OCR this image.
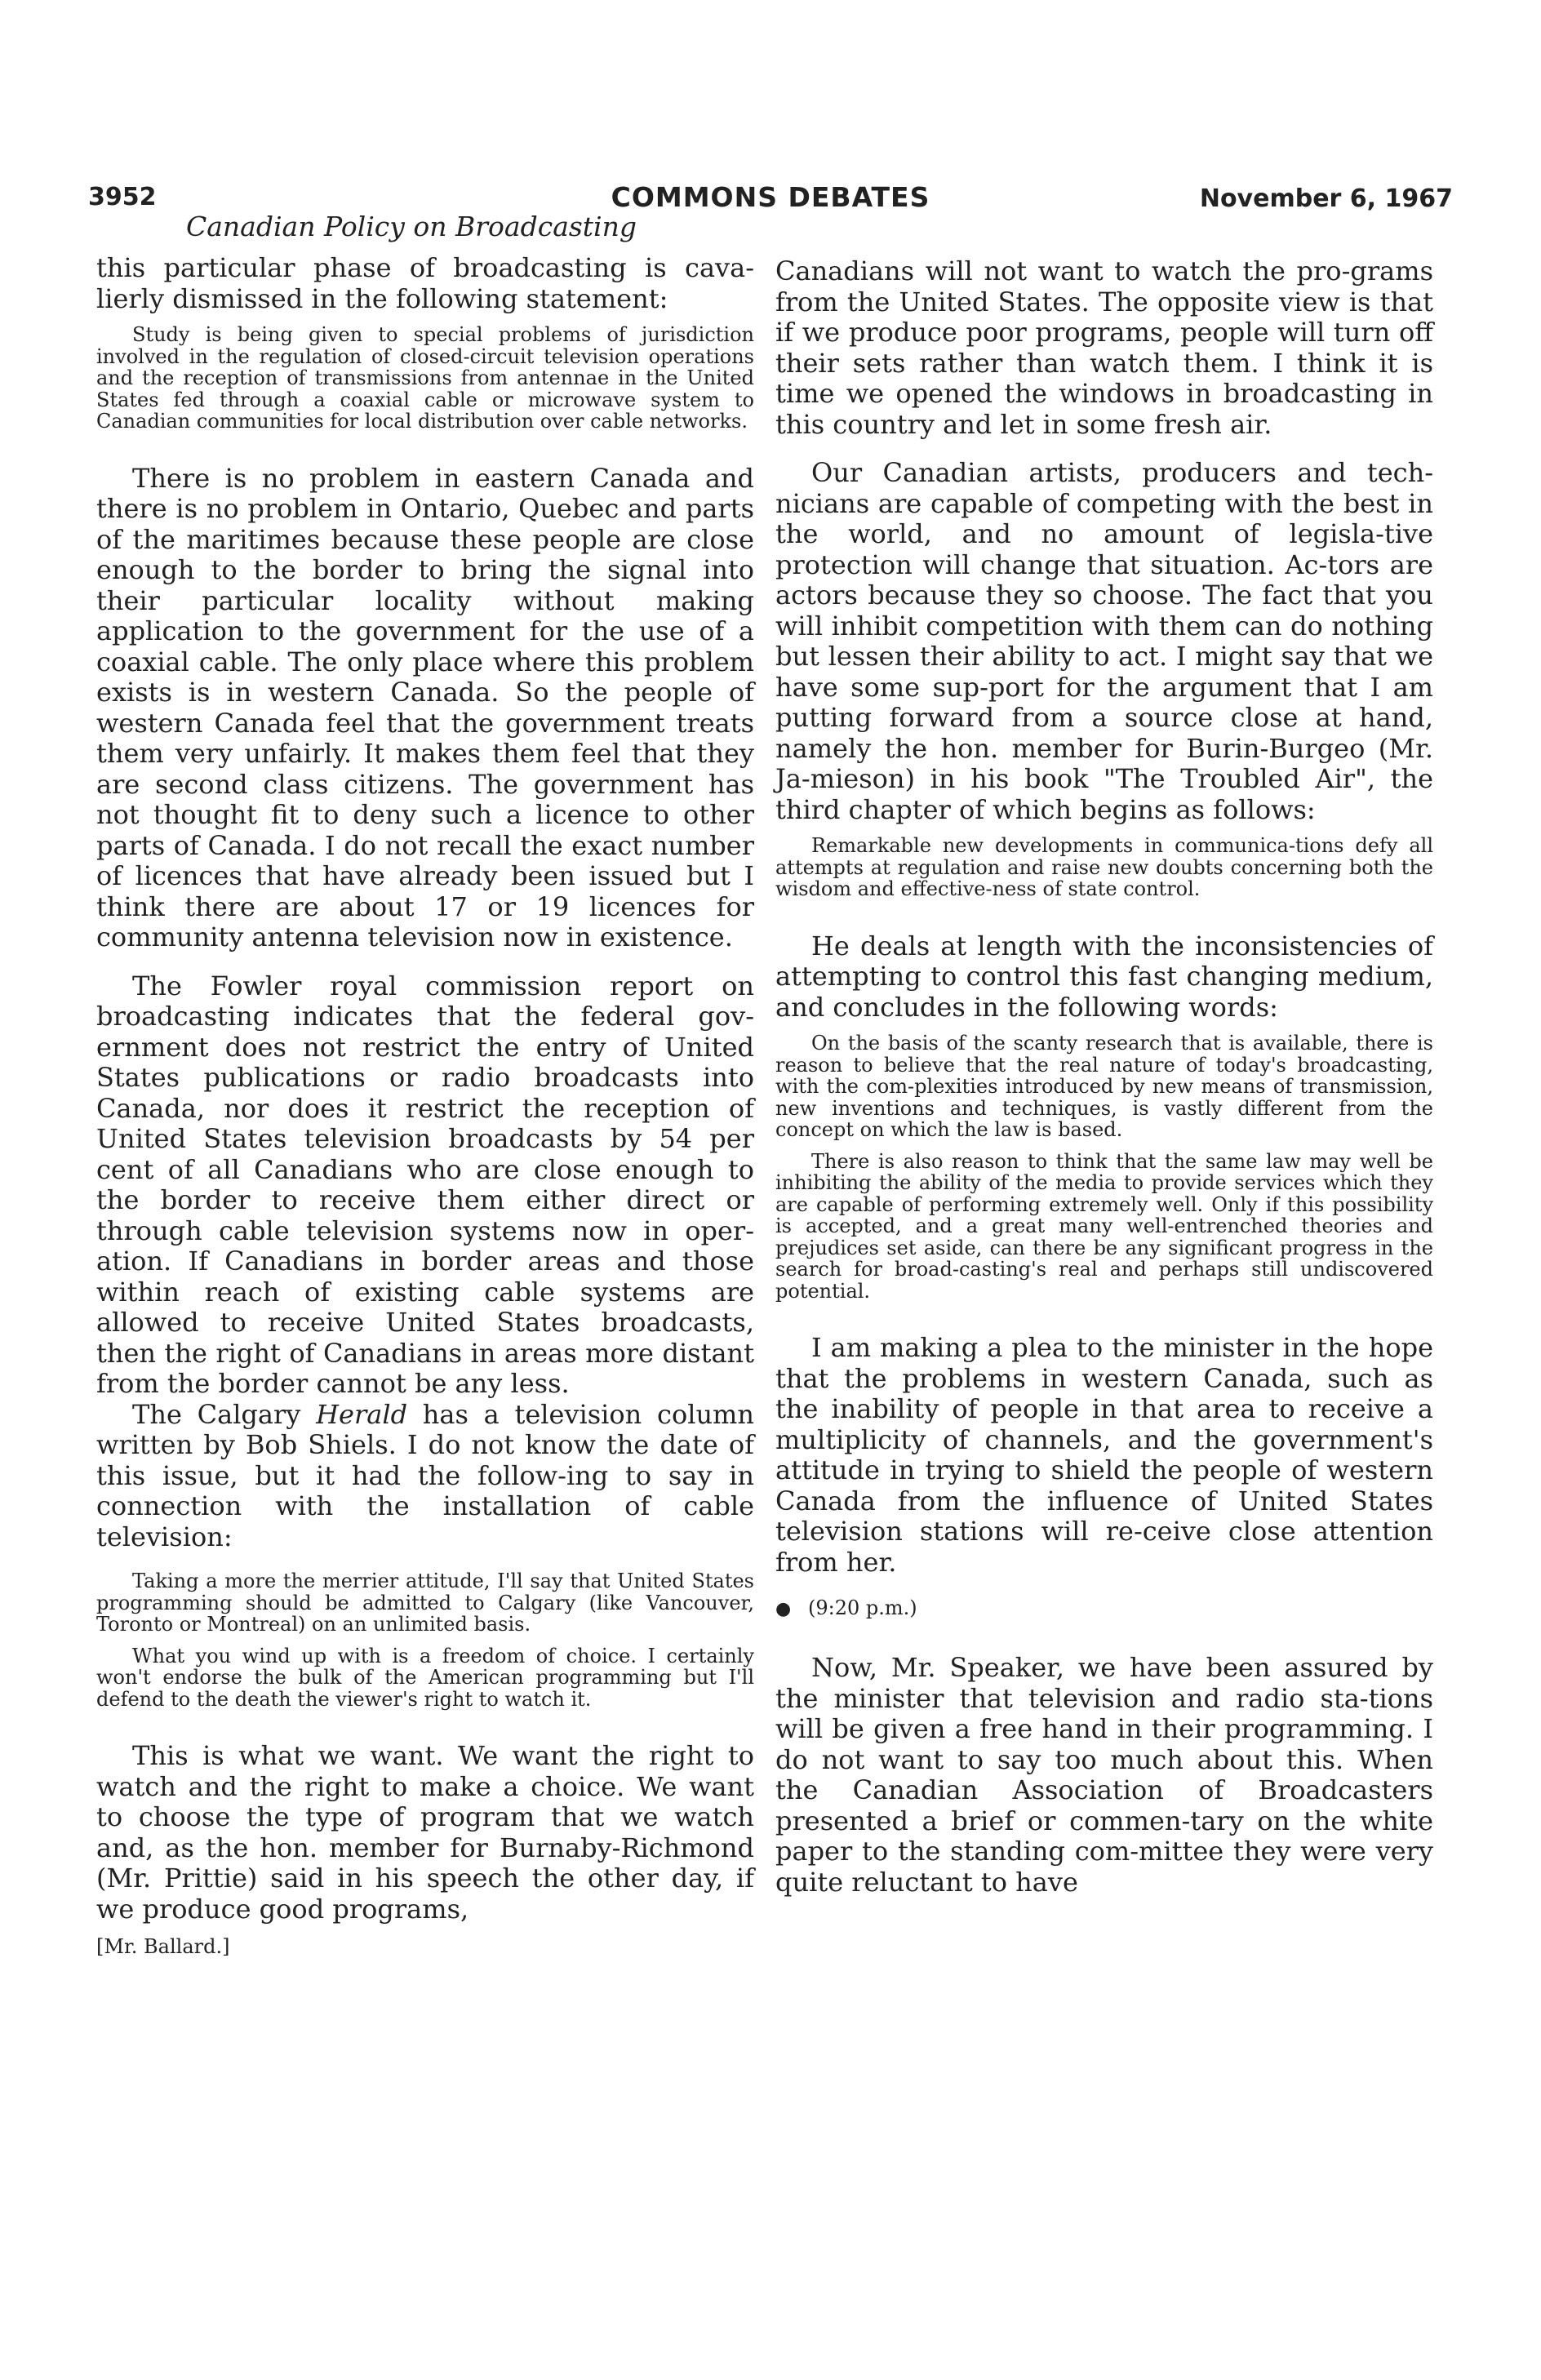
3952	COMMONS DEBATES	November 6, 1967
Canadian Policy on Broadcasting

this particular phase of broadcasting is cava-lierly dismissed in the following statement:

Study is being given to special problems of jurisdiction involved in the regulation of closed-circuit television operations and the reception of transmissions from antennae in the United States fed through a coaxial cable or microwave system to Canadian communities for local distribution over cable networks.

There is no problem in eastern Canada and there is no problem in Ontario, Quebec and parts of the maritimes because these people are close enough to the border to bring the signal into their particular locality without making application to the government for the use of a coaxial cable. The only place where this problem exists is in western Canada. So the people of western Canada feel that the government treats them very unfairly. It makes them feel that they are second class citizens. The government has not thought fit to deny such a licence to other parts of Canada. I do not recall the exact number of licences that have already been issued but I think there are about 17 or 19 licences for community antenna television now in existence.

The Fowler royal commission report on broadcasting indicates that the federal gov-ernment does not restrict the entry of United States publications or radio broadcasts into Canada, nor does it restrict the reception of United States television broadcasts by 54 per cent of all Canadians who are close enough to the border to receive them either direct or through cable television systems now in oper-ation. If Canadians in border areas and those within reach of existing cable systems are allowed to receive United States broadcasts, then the right of Canadians in areas more distant from the border cannot be any less.

The Calgary Herald has a television column written by Bob Shiels. I do not know the date of this issue, but it had the follow-ing to say in connection with the installation of cable television:

Taking a more the merrier attitude, I'll say that United States programming should be admitted to Calgary (like Vancouver, Toronto or Montreal) on an unlimited basis.

What you wind up with is a freedom of choice. I certainly won't endorse the bulk of the American programming but I'll defend to the death the viewer's right to watch it.

This is what we want. We want the right to watch and the right to make a choice. We want to choose the type of program that we watch and, as the hon. member for Burnaby-Richmond (Mr. Prittie) said in his speech the other day, if we produce good programs,

[Mr. Ballard.]

Canadians will not want to watch the pro-grams from the United States. The opposite view is that if we produce poor programs, people will turn off their sets rather than watch them. I think it is time we opened the windows in broadcasting in this country and let in some fresh air.

Our Canadian artists, producers and tech-nicians are capable of competing with the best in the world, and no amount of legisla-tive protection will change that situation. Ac-tors are actors because they so choose. The fact that you will inhibit competition with them can do nothing but lessen their ability to act. I might say that we have some sup-port for the argument that I am putting forward from a source close at hand, namely the hon. member for Burin-Burgeo (Mr. Ja-mieson) in his book "The Troubled Air", the third chapter of which begins as follows:

Remarkable new developments in communica-tions defy all attempts at regulation and raise new doubts concerning both the wisdom and effective-ness of state control.

He deals at length with the inconsistencies of attempting to control this fast changing medium, and concludes in the following words:

On the basis of the scanty research that is available, there is reason to believe that the real nature of today's broadcasting, with the com-plexities introduced by new means of transmission, new inventions and techniques, is vastly different from the concept on which the law is based.

There is also reason to think that the same law may well be inhibiting the ability of the media to provide services which they are capable of performing extremely well. Only if this possibility is accepted, and a great many well-entrenched theories and prejudices set aside, can there be any significant progress in the search for broad-casting's real and perhaps still undiscovered potential.

I am making a plea to the minister in the hope that the problems in western Canada, such as the inability of people in that area to receive a multiplicity of channels, and the government's attitude in trying to shield the people of western Canada from the influence of United States television stations will re-ceive close attention from her.

● (9:20 p.m.)

Now, Mr. Speaker, we have been assured by the minister that television and radio sta-tions will be given a free hand in their programming. I do not want to say too much about this. When the Canadian Association of Broadcasters presented a brief or commen-tary on the white paper to the standing com-mittee they were very quite reluctant to have
